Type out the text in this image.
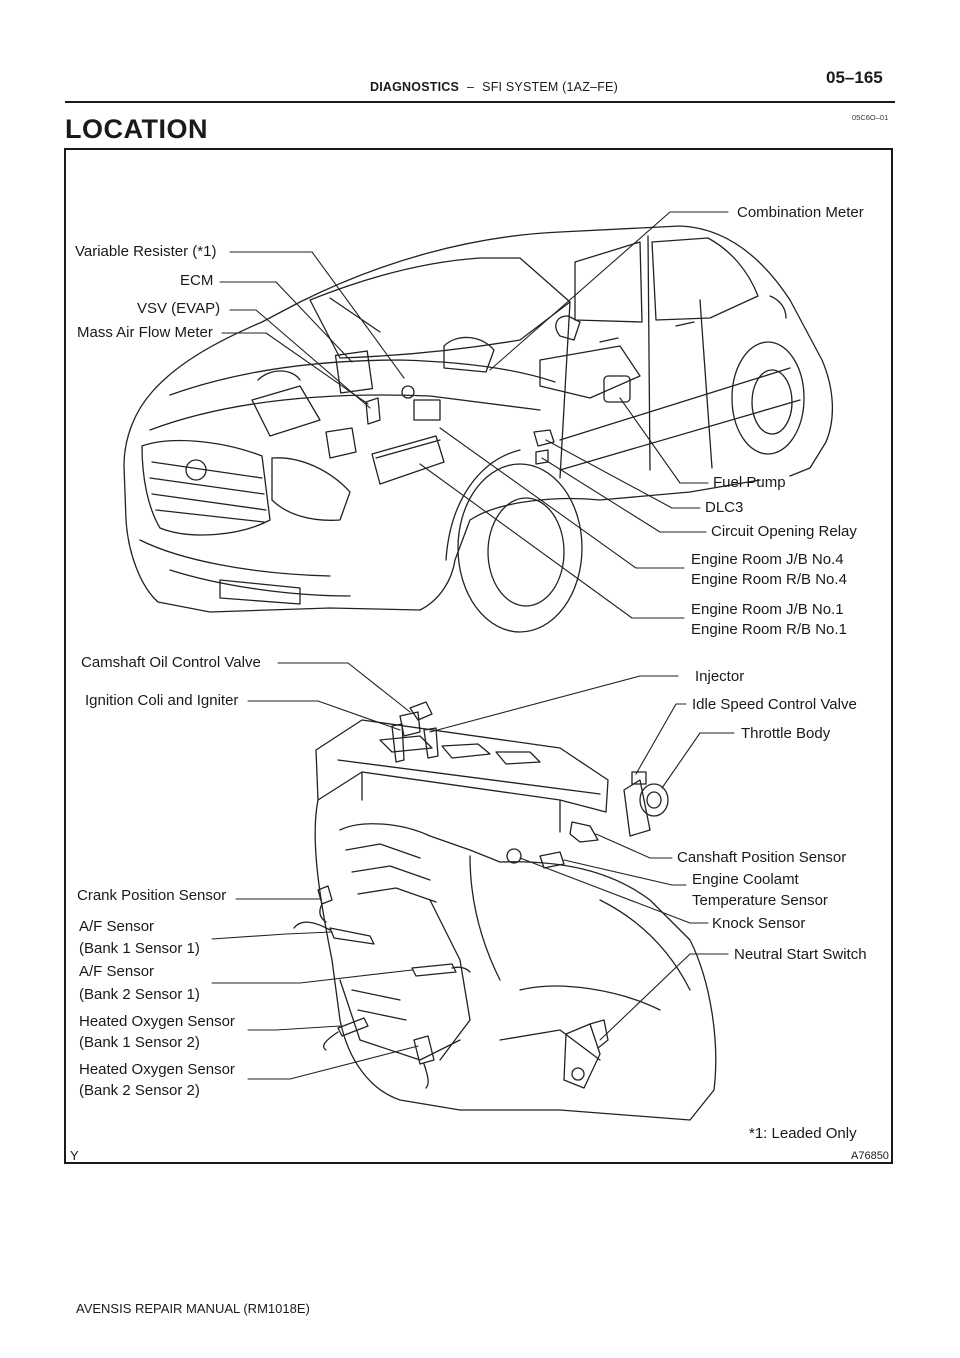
DIAGNOSTICS – SFI SYSTEM (1AZ–FE)	05–165
05C6O–01
LOCATION
Combination Meter
Variable Resister (*1)
ECM
VSV (EVAP)
Mass Air Flow Meter
Fuel Pump
DLC3
Circuit Opening Relay
Engine Room J/B No.4
Engine Room R/B No.4
Engine Room J/B No.1
Engine Room R/B No.1
Camshaft Oil Control Valve
Ignition Coli and Igniter
Injector
Idle Speed Control Valve
Throttle Body
Canshaft Position Sensor
Engine Coolamt
Temperature Sensor
Knock Sensor
Neutral Start Switch
Crank Position Sensor
A/F Sensor
(Bank 1 Sensor 1)
A/F Sensor
(Bank 2 Sensor 1)
Heated Oxygen Sensor
(Bank 1 Sensor 2)
Heated Oxygen Sensor
(Bank 2 Sensor 2)
*1: Leaded Only
Y	A76850
AVENSIS REPAIR MANUAL (RM1018E)
